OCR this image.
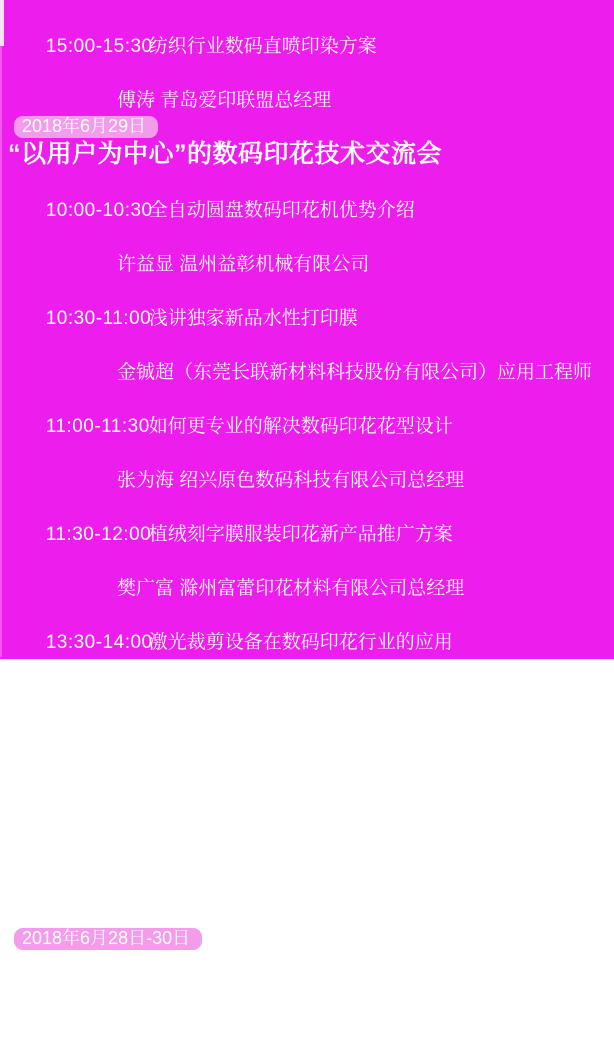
15:00-15:30纺织行业数码直喷印染方案

傅涛 青岛爱印联盟总经理
2018年6月29日
“以用户为中心”的数码印花技术交流会

10:00-10:30全自动圆盘数码印花机优势介绍

许益显 温州益彰机械有限公司

10:30-11:00浅讲独家新品水性打印膜

金铖超（东莞长联新材料科技股份有限公司）应用工程师

11:00-11:30如何更专业的解决数码印花花型设计

张为海 绍兴原色数码科技有限公司总经理

11:30-12:00植绒刻字膜服装印花新产品推广方案

樊广富 滁州富蕾印花材料有限公司总经理

13:30-14:00激光裁剪设备在数码印花行业的应用

上海咔咻智能科技有限公司

14:00-14:30数码印花的现状及展望

刘宗治 柯尼卡美能达

14:30-15:00TID新材料•新潮流•新安全 新产品发布

余朝金 新力元反光材料山东分公司总经理
2018年6月28日-30日	9:00-16:00
图来旺—画型花样展示区
绿色环保喷墨应用体验区
现场扫码，关注微信送冰饮、领礼品
冰爽一夏，青岛啤酒免费畅饮/S3馆
